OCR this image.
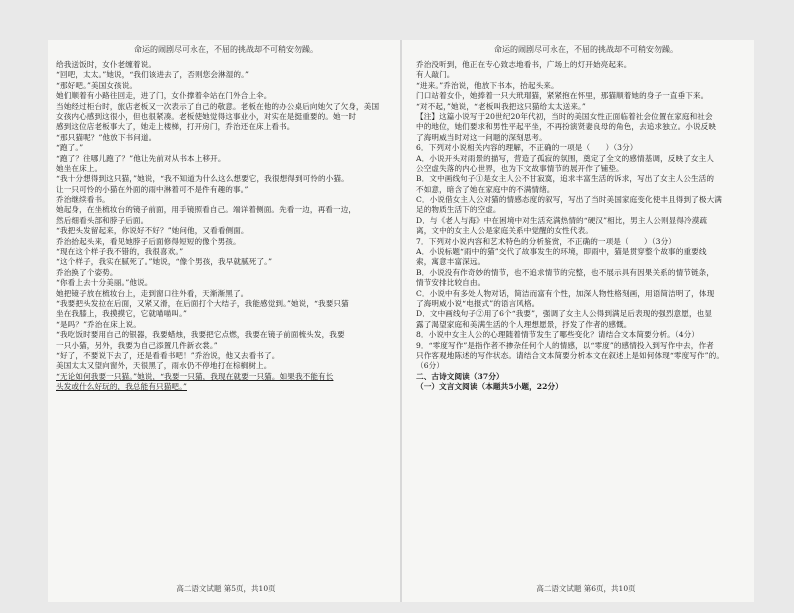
命运的闹剧尽可永在，不屈的挑战却不可稍安勿躁。
给我送饭时，女仆老缠着说。
“回吧，太太。”她说，“我们该进去了，否则您会淋湿的。”
“那好吧。”美国女孩说。
她们顺着有小路往回走，进了门，女仆撑着伞站在门外合上伞。
当她经过柜台时，旅店老板又一次表示了自己的敬意。老板在他的办公桌后向她欠了欠身，美国
女孩内心感到这很小，但也很紧凑。老板使她觉得这事业小，对实在是挺重要的。她一时
感到这位店老板事大了，她走上楼梯，打开房门，乔治还在床上看书。
“那只猫呢？”他放下书问道。
“跑了。”
“跑了？往哪儿跑了？”他让先前对从书本上移开。
她坐在床上。
“我十分想得到这只猫，”她说，“我不知道为什么这么想要它，我很想得到可怜的小猫。
让一只可怜的小猫在外面的雨中淋着可不是件有趣的事。”
乔治继续看书。
她起身，在坐梳妆台的镜子前面，用手镜照看自己。端详着侧面。先看一边，再看一边，
然后细看头部和脖子后面。
“我把头发留起来，你说好不好？”她问他，又看看侧面。
乔治抬起头来，看见她脖子后面修得短短的像个男孩。
“现在这个样子我不错的，我很喜欢。”
“这个样子，我实在腻死了。”她说，“像个男孩，我早就腻死了。”
乔治换了个姿势。
“你看上去十分美丽。”他说。
她把镜子放在梳妆台上，走到窗口往外看，天渐渐黑了。
“我要把头发拉在后面，又紧又滑，在后面打个大结子，我能感觉到。”她说，“我要只猫
坐在我膝上，我摸摸它，它就喵喵叫。”
“是吗？”乔治在床上说。
“我吃饭时要用自己的银器，我要蜡烛，我要把它点燃，我要在镜子前面梳头发，我要
一只小猫，另外，我要为自己添置几件新衣裳。”
“好了，不要说下去了，还是看看书吧！”乔治说，他又去看书了。
美国太太又望向窗外，天很黑了，雨水仍不停地打在棕榈树上。
“无论如何我要一只猫。”她说，“我要一只猫，我现在就要一只猫。如果我不能有长
头发或什么好玩的，我总能有只猫吧。”
高二语文试题 第5页，共10页
命运的闹剧尽可永在，不屈的挑战却不可稍安勿躁。
乔治没听到，他正在专心致志地看书，广场上的灯开始亮起来。
有人敲门。
“进来。”乔治说，他放下书本，抬起头来。
门口站着女仆，她捧着一只大玳瑁猫，紧紧抱在怀里，那猫顺着她的身子一直垂下来。
“对不起，”她说，“老板叫我把这只猫给太太送来。”
【注】这篇小说写于20世纪20年代初，当时的美国女性正面临着社会位置在家庭和社会
中的地位，她们要求和男性平起平坐，不再扮演贤妻良母的角色，去追求独立。小说反映
了海明威当时对这一问题的深刻思考。
6．下列对小说相关内容的理解，不正确的一项是（　　）（3分）
A．小说开头对雨景的描写，营造了孤寂的氛围，奠定了全文的感情基调，反映了女主人
公空虚失落的内心世界，也为下文故事情节的展开作了铺垫。
B．文中画线句子①是女主人公不甘寂寞，追求丰富生活的诉求，写出了女主人公生活的
不如意，暗含了她在家庭中的不满情绪。
C．小说借女主人公对猫的情感态度的叙写，写出了当时美国家庭变化使丰且得到了极大满
足的物质生活下的空虚。
D．与《老人与海》中在困境中对生活充满热情的“硬汉”相比，男主人公则显得冷漠疏
离，文中的女主人公是家庭关系中觉醒的女性代表。
7．下列对小说内容和艺术特色的分析鉴赏，不正确的一项是（　　）（3分）
A．小说标题“雨中的猫”交代了故事发生的环境，即雨中，猫是贯穿整个故事的重要线
索，寓意丰富深远。
B．小说没有作奇妙的情节，也不追求情节的完整，也不展示具有因果关系的情节链条，
情节安排比较自由。
C．小说中有多处人物对话，简洁而富有个性，加深人物性格刻画，用语简洁明了，体现
了海明威小说“电报式”的语言风格。
D．文中画线句子②用了6个“我要”，强调了女主人公得到满足后表现的强烈意愿，也显
露了渴望家庭和美满生活的个人理想愿景，抒发了作者的感慨。
8．小说中女主人公的心理随着情节发生了哪些变化？请结合文本简要分析。（4分）
9．“零度写作”是指作者不掺杂任何个人的情感，以“零度”的感情投入到写作中去，作者
只作客观地陈述的写作状态。请结合文本简要分析本文在叙述上是如何体现“零度写作”的。
（6分）
二、古诗文阅读（37分）
（一）文言文阅读（本题共5小题，22分）
高二语文试题 第6页，共10页
